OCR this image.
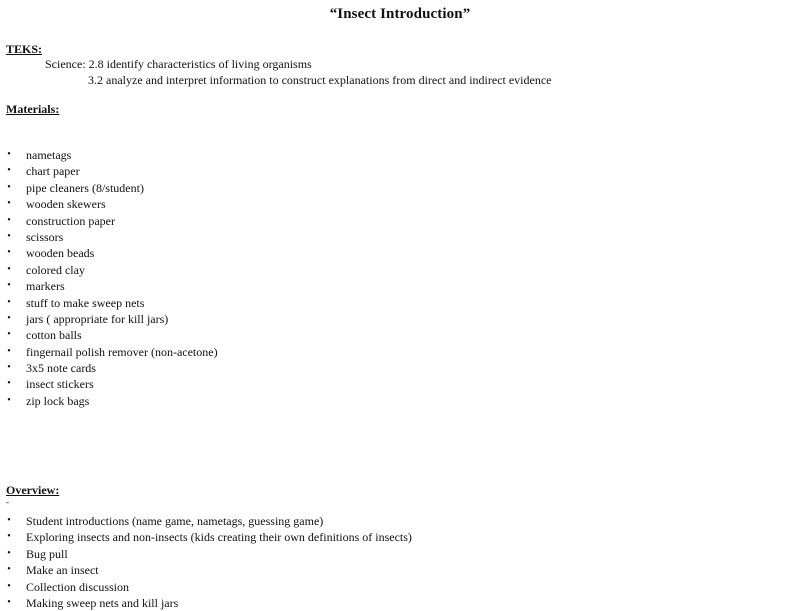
“Insect Introduction”
TEKS:
Science: 2.8 identify characteristics of living organisms
3.2 analyze and interpret information to construct explanations from direct and indirect evidence
Materials:
• nametags
• chart paper
• pipe cleaners (8/student)
• wooden skewers
• construction paper
• scissors
• wooden beads
• colored clay
• markers
• stuff to make sweep nets
• jars ( appropriate for kill jars)
• cotton balls
• fingernail polish remover (non-acetone)
• 3x5 note cards
• insect stickers
• zip lock bags
Overview:
-
• Student introductions (name game, nametags, guessing game)
• Exploring insects and non-insects (kids creating their own definitions of insects)
• Bug pull
• Make an insect
• Collection discussion
• Making sweep nets and kill jars
